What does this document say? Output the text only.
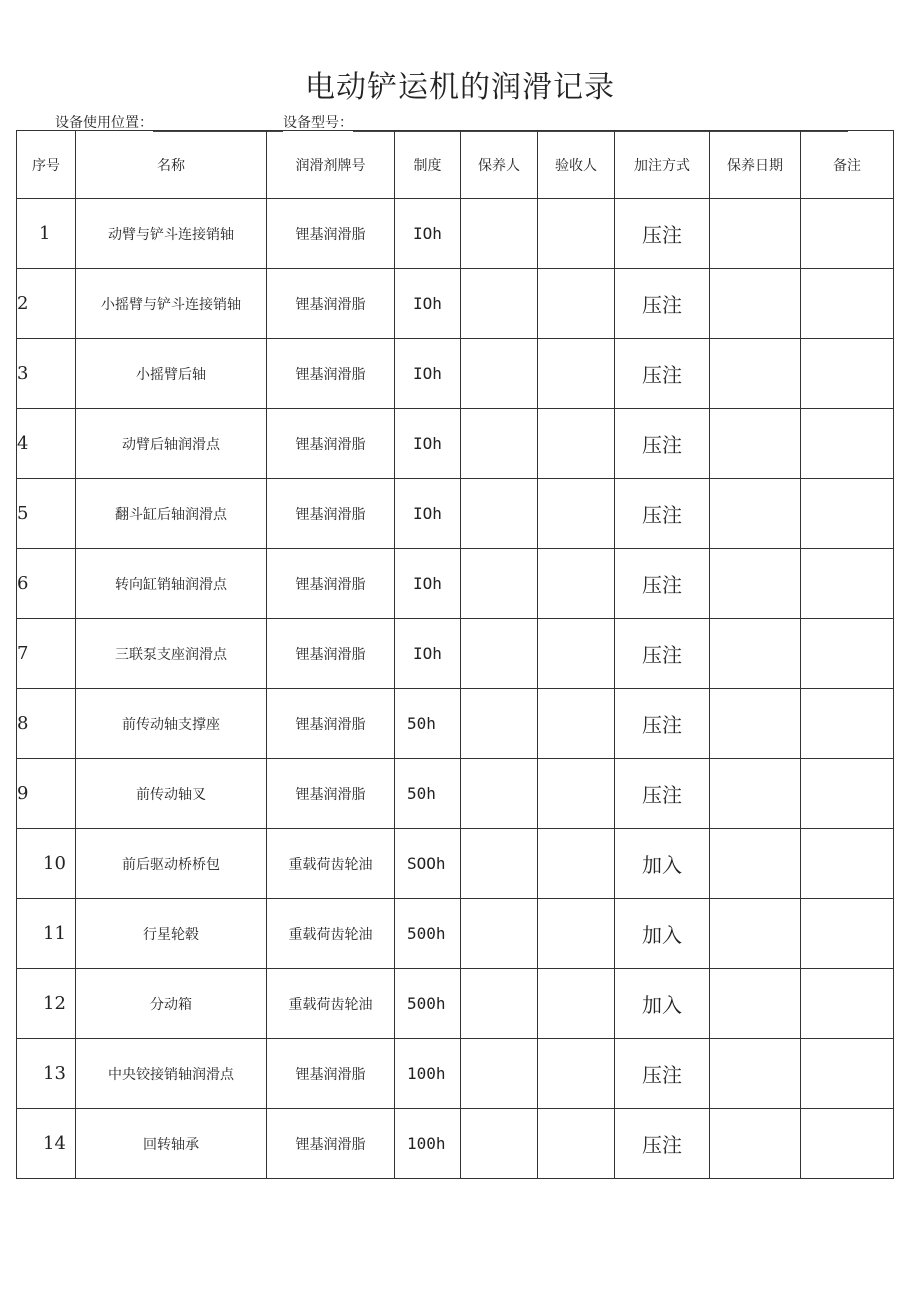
电动铲运机的润滑记录
设备使用位置：	设备型号：
序号	名称	润滑剂牌号	制度	保养人	验收人	加注方式	保养日期	备注
1	动臂与铲斗连接销轴	锂基润滑脂	IOh			压注		
2	小摇臂与铲斗连接销轴	锂基润滑脂	IOh			压注		
3	小摇臂后轴	锂基润滑脂	IOh			压注		
4	动臂后轴润滑点	锂基润滑脂	IOh			压注		
5	翻斗缸后轴润滑点	锂基润滑脂	IOh			压注		
6	转向缸销轴润滑点	锂基润滑脂	IOh			压注		
7	三联泵支座润滑点	锂基润滑脂	IOh			压注		
8	前传动轴支撑座	锂基润滑脂	50h			压注		
9	前传动轴叉	锂基润滑脂	50h			压注		
10	前后驱动桥桥包	重载荷齿轮油	SOOh			加入		
11	行星轮毂	重载荷齿轮油	500h			加入		
12	分动箱	重载荷齿轮油	500h			加入		
13	中央铰接销轴润滑点	锂基润滑脂	100h			压注		
14	回转轴承	锂基润滑脂	100h			压注		
